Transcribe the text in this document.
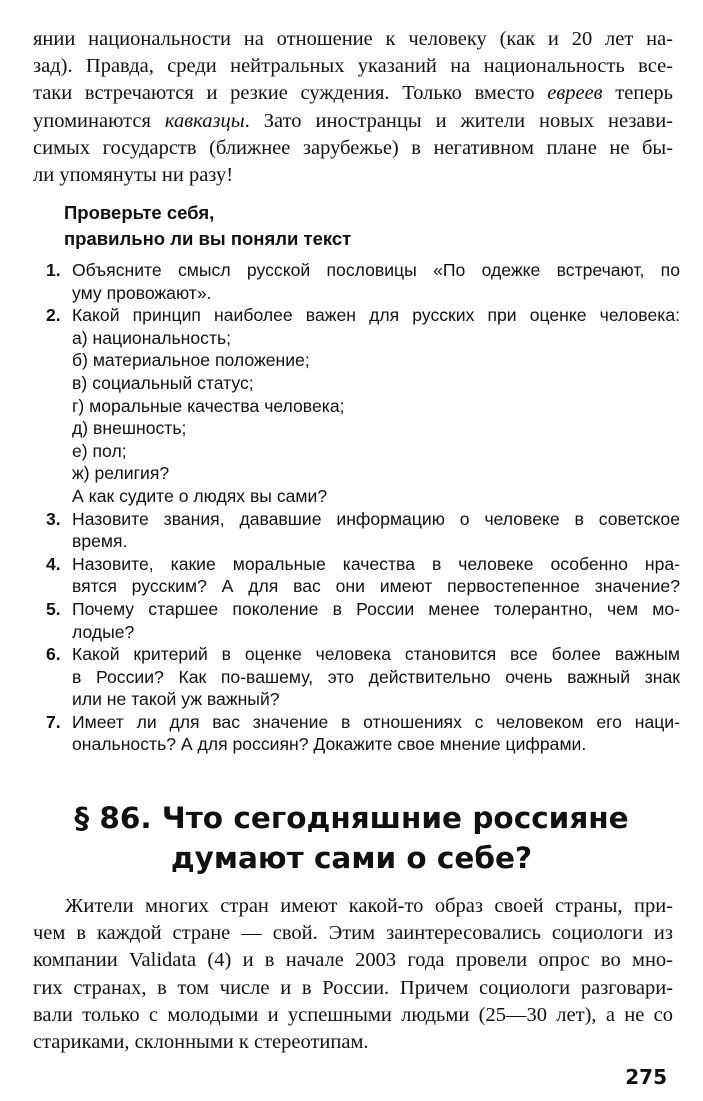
янии национальности на отношение к человеку (как и 20 лет на-
зад). Правда, среди нейтральных указаний на национальность все-
таки встречаются и резкие суждения. Только вместо евреев теперь
упоминаются кавказцы. Зато иностранцы и жители новых незави-
симых государств (ближнее зарубежье) в негативном плане не бы-
ли упомянуты ни разу!
Проверьте себя,
правильно ли вы поняли текст
1. Объясните смысл русской пословицы «По одежке встречают, по
уму провожают».
2. Какой принцип наиболее важен для русских при оценке человека:
а) национальность;
б) материальное положение;
в) социальный статус;
г) моральные качества человека;
д) внешность;
е) пол;
ж) религия?
А как судите о людях вы сами?
3. Назовите звания, дававшие информацию о человеке в советское
время.
4. Назовите, какие моральные качества в человеке особенно нра-
вятся русским? А для вас они имеют первостепенное значение?
5. Почему старшее поколение в России менее толерантно, чем мо-
лодые?
6. Какой критерий в оценке человека становится все более важным
в России? Как по-вашему, это действительно очень важный знак
или не такой уж важный?
7. Имеет ли для вас значение в отношениях с человеком его наци-
ональность? А для россиян? Докажите свое мнение цифрами.
§ 86. Что сегодняшние россияне
думают сами о себе?
Жители многих стран имеют какой-то образ своей страны, при-
чем в каждой стране — свой. Этим заинтересовались социологи из
компании Validata (4) и в начале 2003 года провели опрос во мно-
гих странах, в том числе и в России. Причем социологи разговари-
вали только с молодыми и успешными людьми (25—30 лет), а не со
стариками, склонными к стереотипам.
275
